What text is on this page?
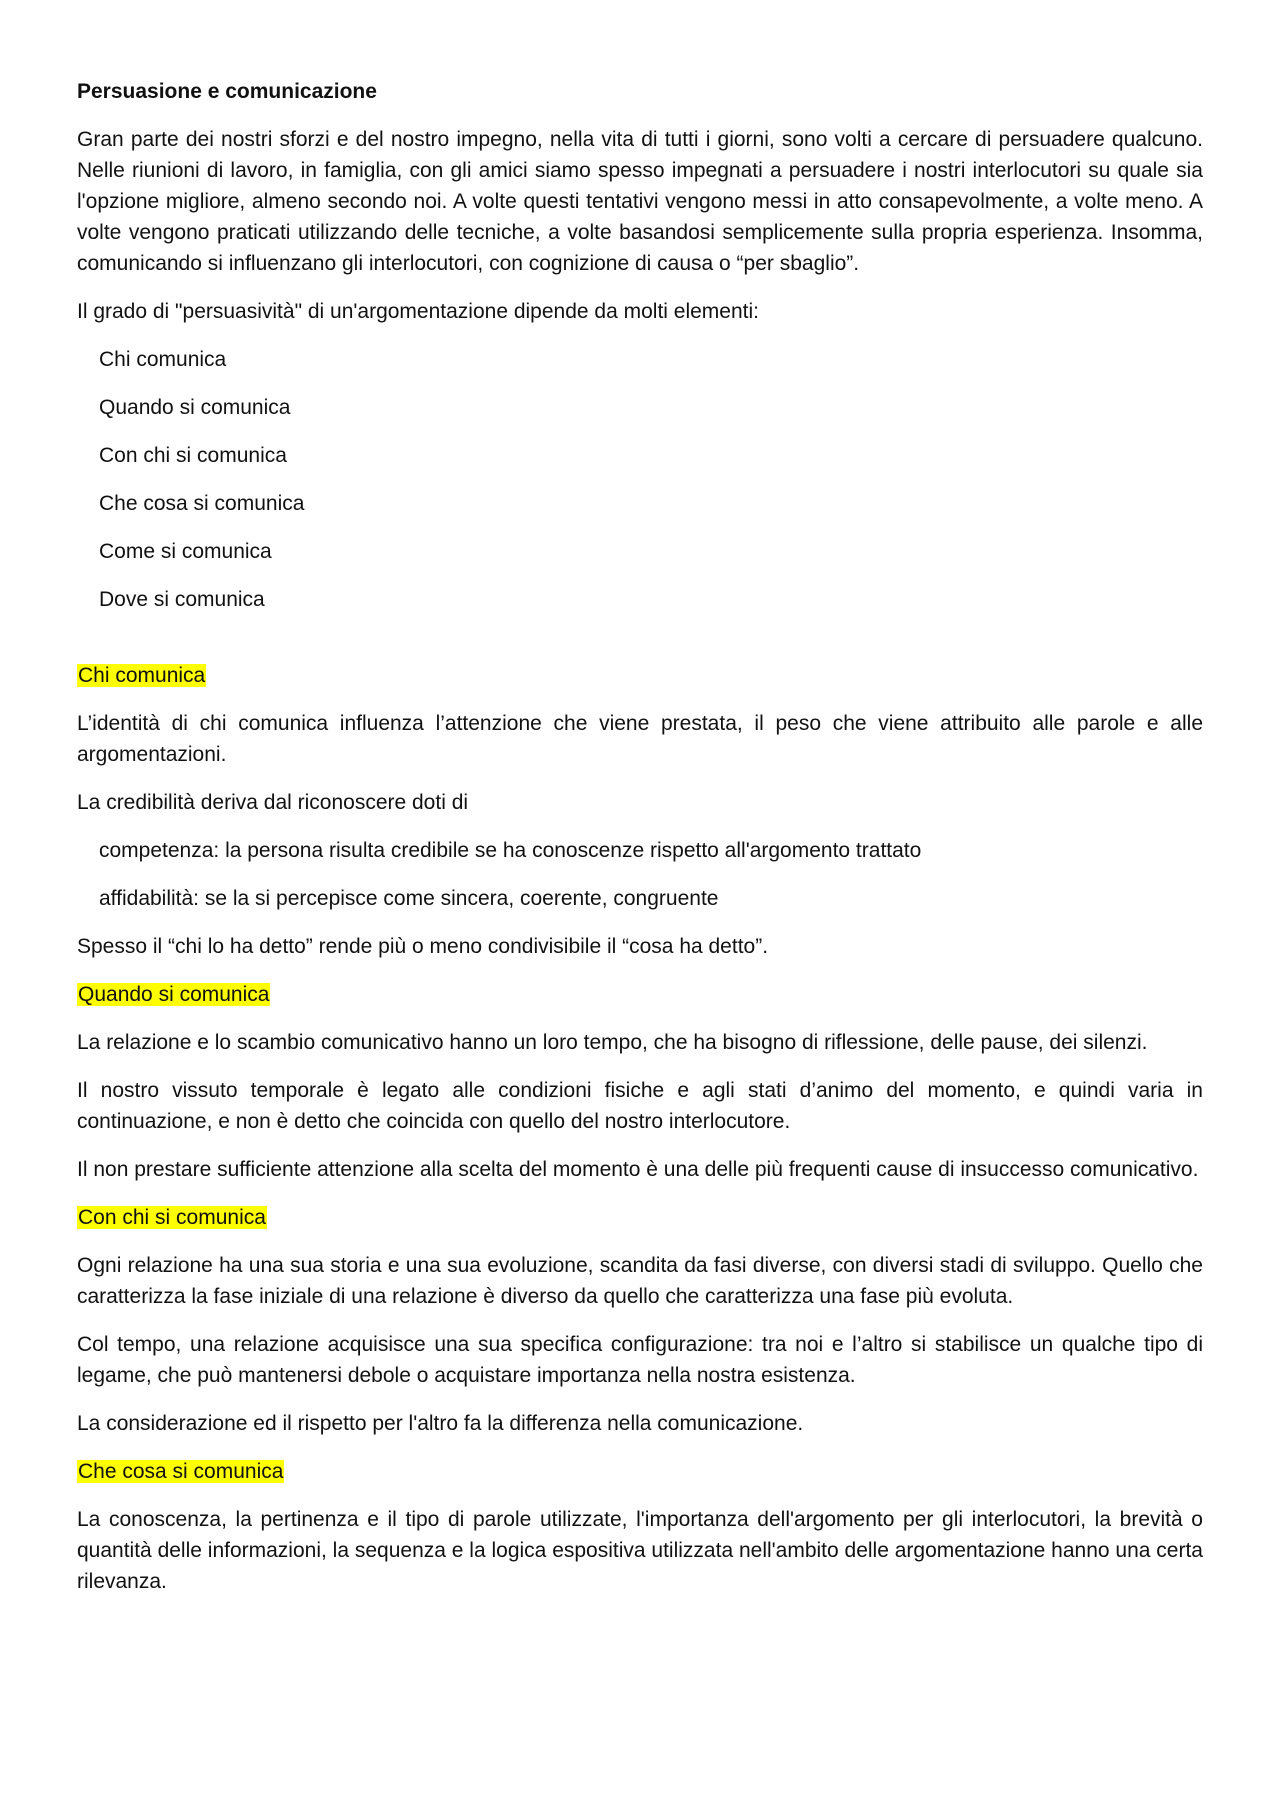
Persuasione e comunicazione

Gran parte dei nostri sforzi e del nostro impegno, nella vita di tutti i giorni, sono volti a cercare di persuadere qualcuno. Nelle riunioni di lavoro, in famiglia, con gli amici siamo spesso impegnati a persuadere i nostri interlocutori su quale sia l'opzione migliore, almeno secondo noi. A volte questi tentativi vengono messi in atto consapevolmente, a volte meno. A volte vengono praticati utilizzando delle tecniche, a volte basandosi semplicemente sulla propria esperienza. Insomma, comunicando si influenzano gli interlocutori, con cognizione di causa o “per sbaglio”.

Il grado di "persuasività" di un'argomentazione dipende da molti elementi:

Chi comunica
Quando si comunica
Con chi si comunica
Che cosa si comunica
Come si comunica
Dove si comunica
Chi comunica

L’identità di chi comunica influenza l’attenzione che viene prestata, il peso che viene attribuito alle parole e alle argomentazioni.

La credibilità deriva dal riconoscere doti di

competenza: la persona risulta credibile se ha conoscenze rispetto all'argomento trattato
affidabilità: se la si percepisce come sincera, coerente, congruente

Spesso il “chi lo ha detto” rende più o meno condivisibile il “cosa ha detto”.

Quando si comunica

La relazione e lo scambio comunicativo hanno un loro tempo, che ha bisogno di riflessione, delle pause, dei silenzi.

Il nostro vissuto temporale è legato alle condizioni fisiche e agli stati d’animo del momento, e quindi varia in continuazione, e non è detto che coincida con quello del nostro interlocutore.

Il non prestare sufficiente attenzione alla scelta del momento è una delle più frequenti cause di insuccesso comunicativo.

Con chi si comunica

Ogni relazione ha una sua storia e una sua evoluzione, scandita da fasi diverse, con diversi stadi di sviluppo. Quello che caratterizza la fase iniziale di una relazione è diverso da quello che caratterizza una fase più evoluta.

Col tempo, una relazione acquisisce una sua specifica configurazione: tra noi e l’altro si stabilisce un qualche tipo di legame, che può mantenersi debole o acquistare importanza nella nostra esistenza.

La considerazione ed il rispetto per l'altro fa la differenza nella comunicazione.

Che cosa si comunica

La conoscenza, la pertinenza e il tipo di parole utilizzate, l'importanza dell'argomento per gli interlocutori, la brevità o quantità delle informazioni, la sequenza e la logica espositiva utilizzata nell'ambito delle argomentazione hanno una certa rilevanza.
